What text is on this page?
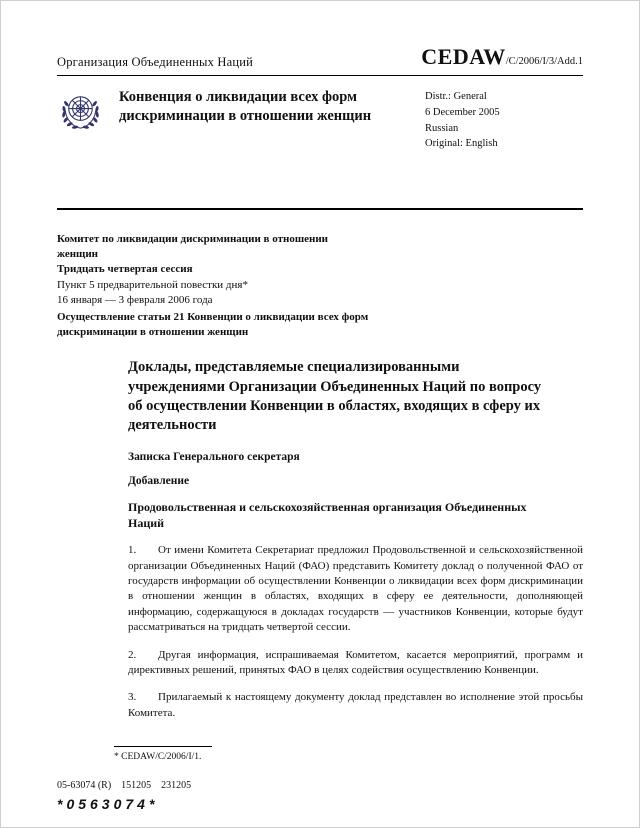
Организация Объединенных Наций	CEDAW/C/2006/I/3/Add.1
Конвенция о ликвидации всех форм дискриминации в отношении женщин
Distr.: General
6 December 2005
Russian
Original: English
Комитет по ликвидации дискриминации в отношении женщин
Тридцать четвертая сессия
Пункт 5 предварительной повестки дня*
16 января — 3 февраля 2006 года
Осуществление статьи 21 Конвенции о ликвидации всех форм дискриминации в отношении женщин
Доклады, представляемые специализированными учреждениями Организации Объединенных Наций по вопросу об осуществлении Конвенции в областях, входящих в сферу их деятельности
Записка Генерального секретаря
Добавление
Продовольственная и сельскохозяйственная организация Объединенных Наций

1. От имени Комитета Секретариат предложил Продовольственной и сельскохозяйственной организации Объединенных Наций (ФАО) представить Комитету доклад о полученной ФАО от государств информации об осуществлении Конвенции о ликвидации всех форм дискриминации в отношении женщин в областях, входящих в сферу ее деятельности, дополняющей информацию, содержащуюся в докладах государств — участников Конвенции, которые будут рассматриваться на тридцать четвертой сессии.

2. Другая информация, испрашиваемая Комитетом, касается мероприятий, программ и директивных решений, принятых ФАО в целях содействия осуществлению Конвенции.

3. Прилагаемый к настоящему документу доклад представлен во исполнение этой просьбы Комитета.

* CEDAW/C/2006/I/1.
05-63074 (R)    151205    231205
*0563074*
